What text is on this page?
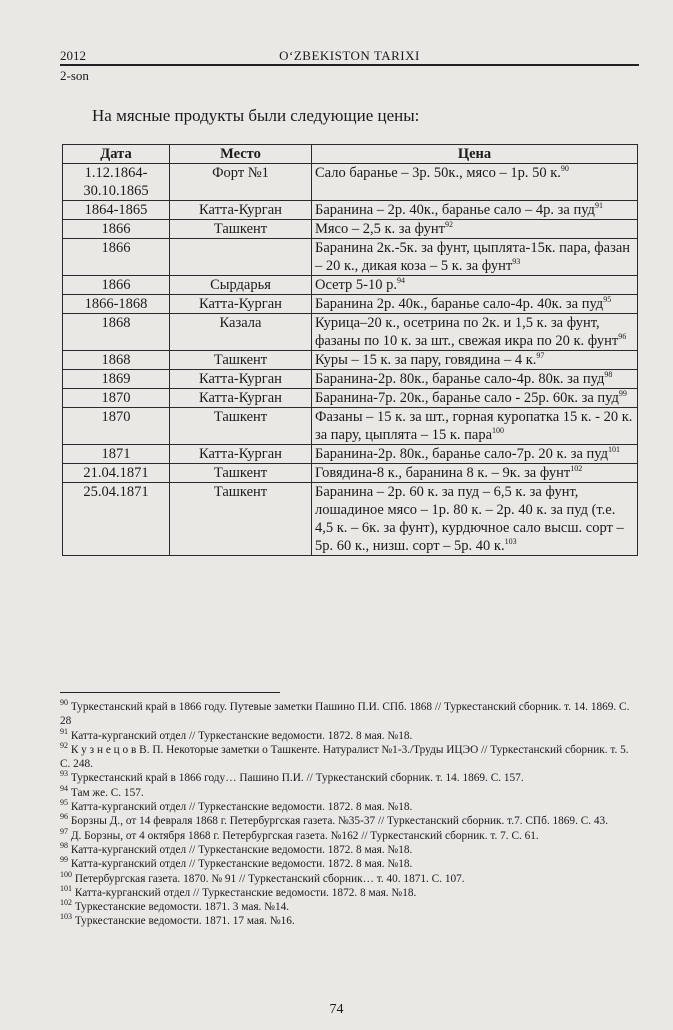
2012	O‘ZBEKISTON TARIXI
2-son
На мясные продукты были следующие цены:
Дата	Место	Цена
1.12.1864-30.10.1865	Форт №1	Сало баранье – 3р. 50к., мясо – 1р. 50 к.$^{90}$
1864-1865	Катта-Курган	Баранина – 2р. 40к., баранье сало – 4р. за пуд$^{91}$
1866	Ташкент	Мясо – 2,5 к. за фунт$^{92}$
1866		Баранина 2к.-5к. за фунт, цыплята-15к. пара, фазан – 20 к., дикая коза – 5 к. за фунт$^{93}$
1866	Сырдарья	Осетр 5-10 р.$^{94}$
1866-1868	Катта-Курган	Баранина 2р. 40к., баранье сало-4р. 40к. за пуд$^{95}$
1868	Казала	Курица–20 к., осетрина по 2к. и 1,5 к. за фунт, фазаны по 10 к. за шт., свежая икра по 20 к. фунт$^{96}$
1868	Ташкент	Куры – 15 к. за пару, говядина – 4 к.$^{97}$
1869	Катта-Курган	Баранина-2р. 80к., баранье сало-4р. 80к. за пуд$^{98}$
1870	Катта-Курган	Баранина-7р. 20к., баранье сало - 25р. 60к. за пуд$^{99}$
1870	Ташкент	Фазаны – 15 к. за шт., горная куропатка 15 к. - 20 к. за пару, цыплята – 15 к. пара$^{100}$
1871	Катта-Курган	Баранина-2р. 80к., баранье сало-7р. 20 к. за пуд$^{101}$
21.04.1871	Ташкент	Говядина-8 к., баранина 8 к. – 9к. за фунт$^{102}$
25.04.1871	Ташкент	Баранина – 2р. 60 к. за пуд – 6,5 к. за фунт, лошадиное мясо – 1р. 80 к. – 2р. 40 к. за пуд (т.е. 4,5 к. – 6к. за фунт), курдючное сало высш. сорт – 5р. 60 к., низш. сорт – 5р. 40 к.$^{103}$

$^{90}$ Туркестанский край в 1866 году. Путевые заметки Пашино П.И. СПб. 1868 // Туркестанский сборник. т. 14. 1869. С. 28

$^{91}$ Катта-курганский отдел // Туркестанские ведомости. 1872. 8 мая. №18.

$^{92}$ К у з н е ц о в В. П. Некоторые заметки о Ташкенте. Натуралист №1-3./Труды ИЦЭО // Туркестанский сборник. т. 5. С. 248.

$^{93}$ Туркестанский край в 1866 году… Пашино П.И. // Туркестанский сборник. т. 14. 1869. С. 157.

$^{94}$ Там же. С. 157.

$^{95}$ Катта-курганский отдел // Туркестанские ведомости. 1872. 8 мая. №18.

$^{96}$ Борзны Д., от 14 февраля 1868 г. Петербургская газета. №35-37 // Туркестанский сборник. т.7. СПб. 1869. С. 43.

$^{97}$ Д. Борзны, от 4 октября 1868 г. Петербургская газета. №162 // Туркестанский сборник. т. 7. С. 61.

$^{98}$ Катта-курганский отдел // Туркестанские ведомости. 1872. 8 мая. №18.

$^{99}$ Катта-курганский отдел // Туркестанские ведомости. 1872. 8 мая. №18.

$^{100}$ Петербургская газета. 1870. № 91 // Туркестанский сборник… т. 40. 1871. С. 107.

$^{101}$ Катта-курганский отдел // Туркестанские ведомости. 1872. 8 мая. №18.

$^{102}$ Туркестанские ведомости. 1871. 3 мая. №14.

$^{103}$ Туркестанские ведомости. 1871. 17 мая. №16.

74
